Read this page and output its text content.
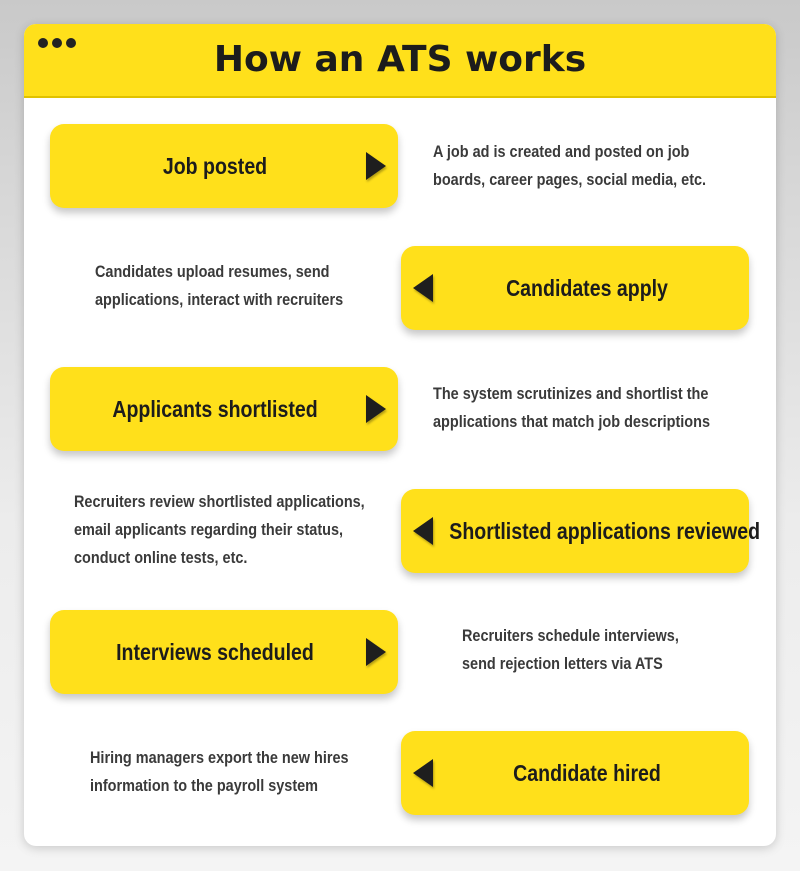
How an ATS works
Job posted
A job ad is created and posted on job
boards, career pages, social media, etc.
Candidates apply
Candidates upload resumes, send
applications, interact with recruiters
Applicants shortlisted
The system scrutinizes and shortlist the
applications that match job descriptions
Shortlisted applications reviewed
Recruiters review shortlisted applications,
email applicants regarding their status,
conduct online tests, etc.
Interviews scheduled
Recruiters schedule interviews,
send rejection letters via ATS
Candidate hired
Hiring managers export the new hires
information to the payroll system
